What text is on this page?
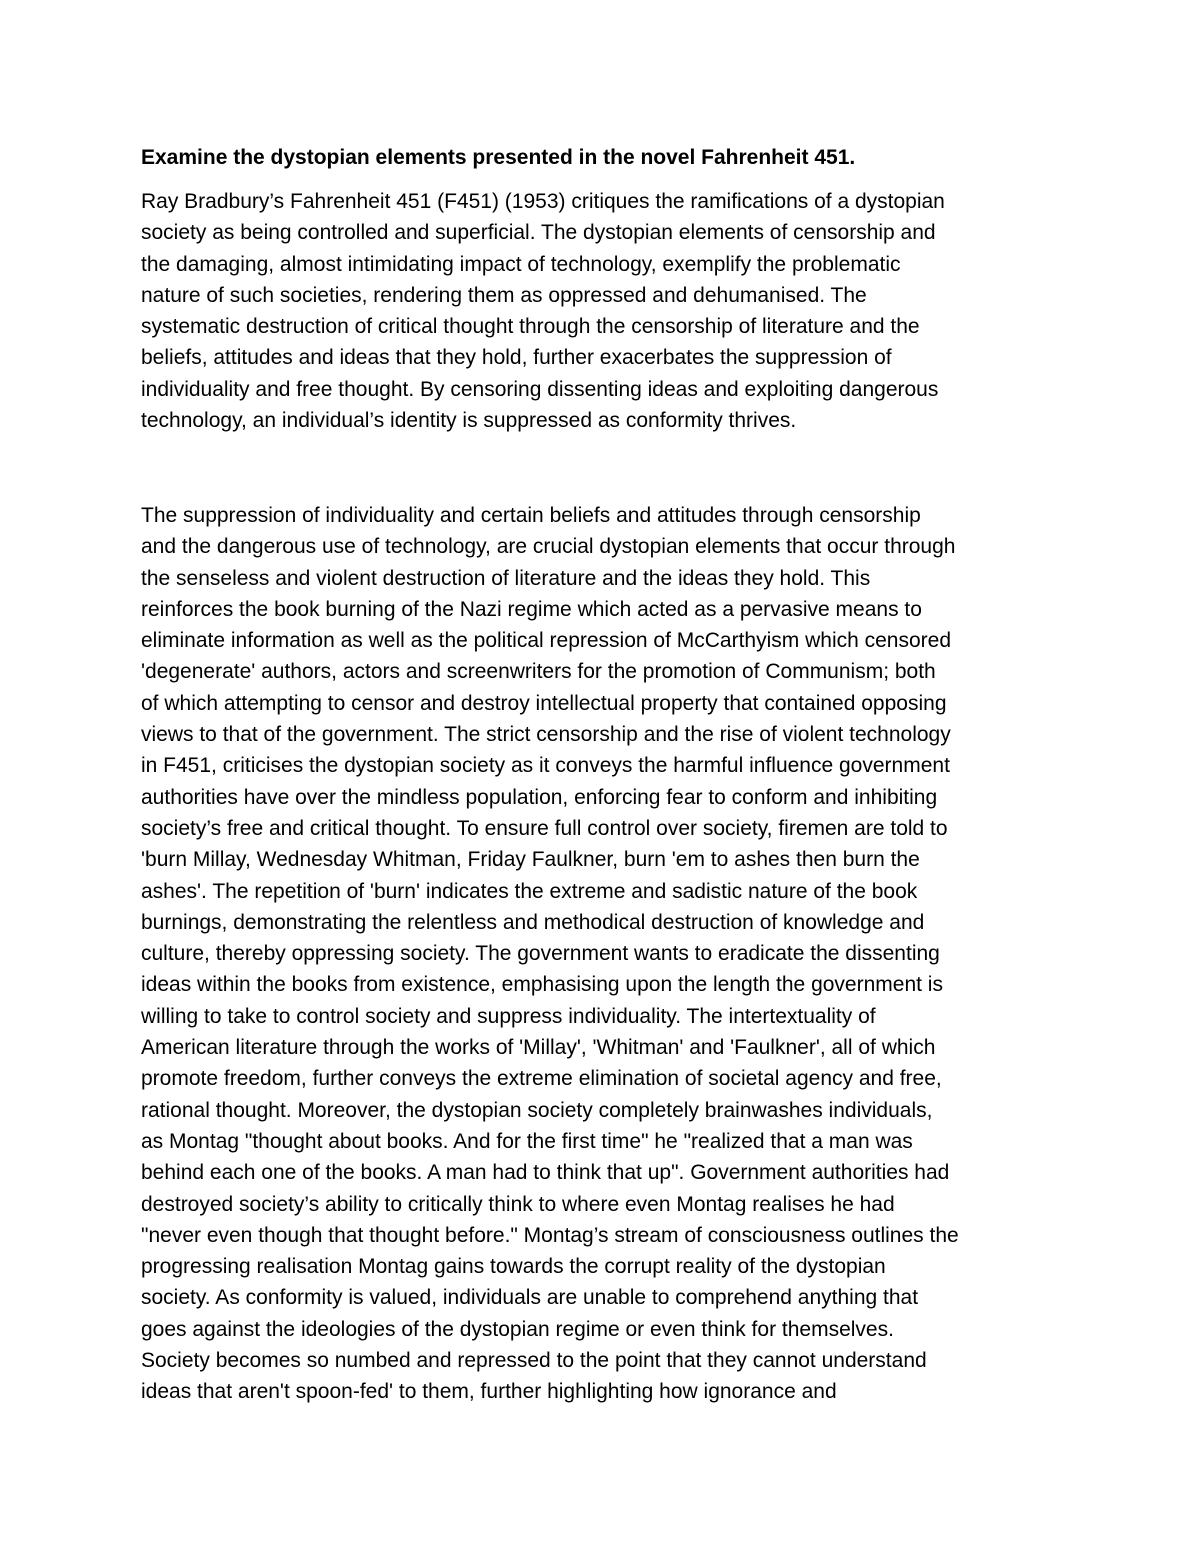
Examine the dystopian elements presented in the novel Fahrenheit 451.
Ray Bradbury’s Fahrenheit 451 (F451) (1953) critiques the ramifications of a dystopian
society as being controlled and superficial. The dystopian elements of censorship and
the damaging, almost intimidating impact of technology, exemplify the problematic
nature of such societies, rendering them as oppressed and dehumanised. The
systematic destruction of critical thought through the censorship of literature and the
beliefs, attitudes and ideas that they hold, further exacerbates the suppression of
individuality and free thought. By censoring dissenting ideas and exploiting dangerous
technology, an individual’s identity is suppressed as conformity thrives.
The suppression of individuality and certain beliefs and attitudes through censorship
and the dangerous use of technology, are crucial dystopian elements that occur through
the senseless and violent destruction of literature and the ideas they hold. This
reinforces the book burning of the Nazi regime which acted as a pervasive means to
eliminate information as well as the political repression of McCarthyism which censored
'degenerate' authors, actors and screenwriters for the promotion of Communism; both
of which attempting to censor and destroy intellectual property that contained opposing
views to that of the government. The strict censorship and the rise of violent technology
in F451, criticises the dystopian society as it conveys the harmful influence government
authorities have over the mindless population, enforcing fear to conform and inhibiting
society’s free and critical thought. To ensure full control over society, firemen are told to
'burn Millay, Wednesday Whitman, Friday Faulkner, burn 'em to ashes then burn the
ashes'. The repetition of 'burn' indicates the extreme and sadistic nature of the book
burnings, demonstrating the relentless and methodical destruction of knowledge and
culture, thereby oppressing society. The government wants to eradicate the dissenting
ideas within the books from existence, emphasising upon the length the government is
willing to take to control society and suppress individuality. The intertextuality of
American literature through the works of 'Millay', 'Whitman' and 'Faulkner', all of which
promote freedom, further conveys the extreme elimination of societal agency and free,
rational thought. Moreover, the dystopian society completely brainwashes individuals,
as Montag "thought about books. And for the first time" he "realized that a man was
behind each one of the books. A man had to think that up". Government authorities had
destroyed society’s ability to critically think to where even Montag realises he had
"never even though that thought before." Montag’s stream of consciousness outlines the
progressing realisation Montag gains towards the corrupt reality of the dystopian
society. As conformity is valued, individuals are unable to comprehend anything that
goes against the ideologies of the dystopian regime or even think for themselves.
Society becomes so numbed and repressed to the point that they cannot understand
ideas that aren't spoon-fed' to them, further highlighting how ignorance and
